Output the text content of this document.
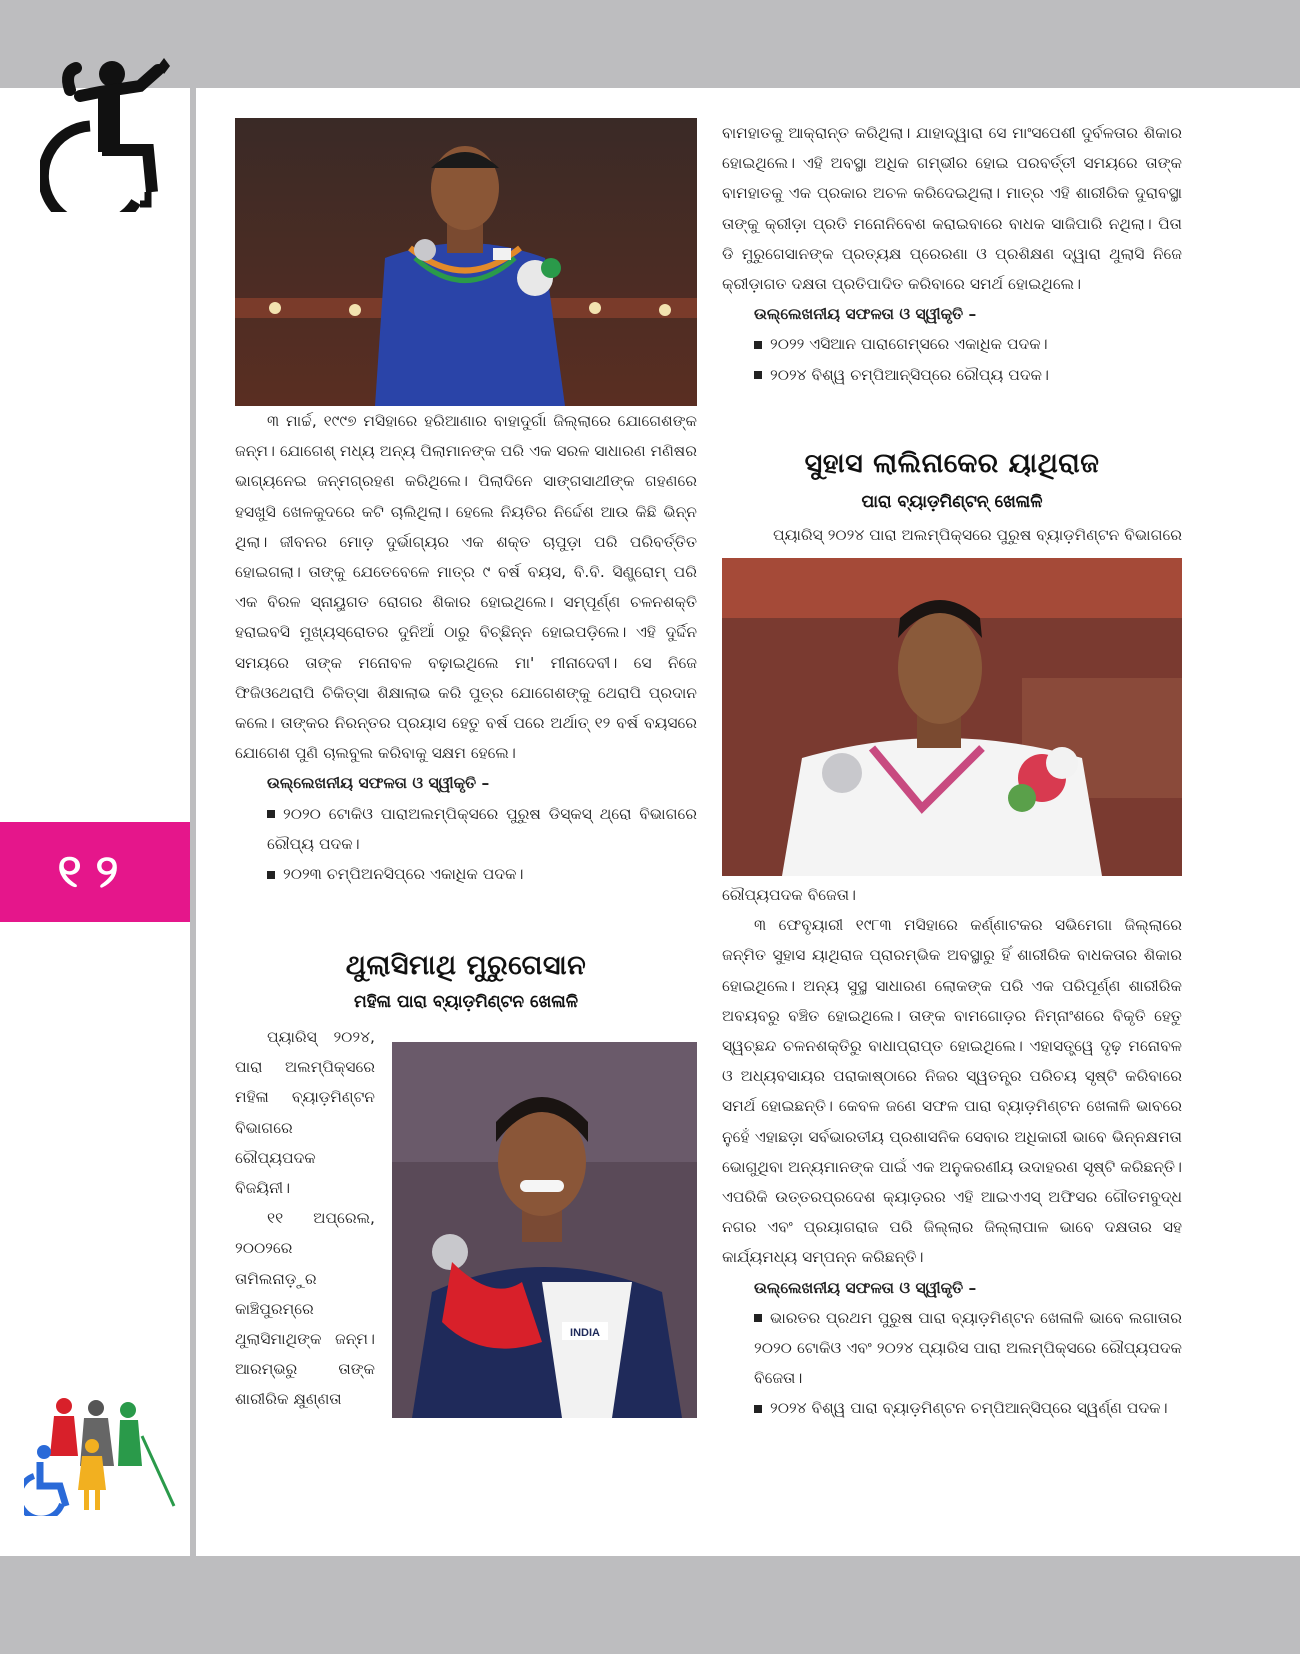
୧୨

୩ ମାର୍ଚ୍ଚ, ୧୯୯୭ ମସିହାରେ ହରିଆଣାର ବାହାଦୁର୍ଗା ଜିଲ୍ଲାରେ ଯୋଗେଶଙ୍କ ଜନ୍ମ। ଯୋଗେଶ୍ ମଧ୍ୟ ଅନ୍ୟ ପିଲାମାନଙ୍କ ପରି ଏକ ସରଳ ସାଧାରଣ ମଣିଷର ଭାଗ୍ୟନେଇ ଜନ୍ମଗ୍ରହଣ କରିଥିଲେ। ପିଲାଦିନେ ସାଙ୍ଗସାଥୀଙ୍କ ଗହଣରେ ହସଖୁସି ଖେଳକୁଦରେ କଟି ଚାଲିଥିଲା। ହେଲେ ନିୟତିର ନିର୍ଦ୍ଦେଶ ଆଉ କିଛି ଭିନ୍ନ ଥିଲା। ଜୀବନର ମୋଡ଼ ଦୁର୍ଭାଗ୍ୟର ଏକ ଶକ୍ତ ଚାପୁଡ଼ା ପରି ପରିବର୍ତ୍ତିତ ହୋଇଗଲା। ତାଙ୍କୁ ଯେତେବେଳେ ମାତ୍ର ୯ ବର୍ଷ ବୟସ, ବି.ବି. ସିଣ୍ଡ୍ରୋମ୍ ପରି ଏକ ବିରଳ ସ୍ନାୟୁଗତ ରୋଗର ଶିକାର ହୋଇଥିଲେ। ସମ୍ପୂର୍ଣ୍ଣ ଚଳନଶକ୍ତି ହରାଇବସି ମୁଖ୍ୟସ୍ରୋତର ଦୁନିଆଁ ଠାରୁ ବିଚ୍ଛିନ୍ନ ହୋଇପଡ଼ିଲେ। ଏହି ଦୁର୍ଦ୍ଦିନ ସମୟରେ ତାଙ୍କ ମନୋବଳ ବଢ଼ାଇଥିଲେ ମା' ମୀନାଦେବୀ। ସେ ନିଜେ ଫିଜିଓଥେରାପି ଚିକିତ୍ସା ଶିକ୍ଷାଲାଭ କରି ପୁତ୍ର ଯୋଗେଶଙ୍କୁ ଥେରାପି ପ୍ରଦାନ କଲେ। ତାଙ୍କର ନିରନ୍ତର ପ୍ରୟାସ ହେତୁ ବର୍ଷ ପରେ ଅର୍ଥାତ୍ ୧୨ ବର୍ଷ ବୟସରେ ଯୋଗେଶ ପୁଣି ଚାଲବୁଲ କରିବାକୁ ସକ୍ଷମ ହେଲେ।

ଉଲ୍ଲେଖନୀୟ ସଫଳତା ଓ ସ୍ୱୀକୃତି –

୨୦୨୦ ଟୋକିଓ ପାରାଅଲମ୍ପିକ୍ସରେ ପୁରୁଷ ଡିସ୍କସ୍ ଥ୍ରୋ ବିଭାଗରେ ରୌପ୍ୟ ପଦକ।

୨୦୨୩ ଚମ୍ପିଅନସିପ୍‌ରେ ଏକାଧିକ ପଦକ।

ଥୁଲାସିମାଥି ମୁରୁଗେସାନ
ମହିଳା ପାରା ବ୍ୟାଡ଼ମିଣ୍ଟନ ଖେଳାଳି

ପ୍ୟାରିସ୍ ୨୦୨୪, ପାରା ଅଲମ୍ପିକ୍ସରେ ମହିଳା ବ୍ୟାଡ଼ମିଣ୍ଟନ ବିଭାଗରେ ରୌପ୍ୟପଦକ ବିଜୟିନୀ।

୧୧ ଅପ୍ରେଲ, ୨୦୦୨ରେ ତାମିଲନାଡ଼ୁର କାଞ୍ଚିପୁରମ୍‌ରେ ଥୁଲାସିମାଥିଙ୍କ ଜନ୍ମ। ଆରମ୍ଭରୁ ତାଙ୍କ ଶାରୀରିକ କ୍ଷୁଣ୍ଣତା

INDIA

ବାମହାତକୁ ଆକ୍ରାନ୍ତ କରିଥିଲା। ଯାହାଦ୍ୱାରା ସେ ମାଂସପେଶୀ ଦୁର୍ବଳତାର ଶିକାର ହୋଇଥିଲେ। ଏହି ଅବସ୍ଥା ଅଧିକ ଗମ୍ଭୀର ହୋଇ ପରବର୍ତ୍ତୀ ସମୟରେ ତାଙ୍କ ବାମହାତକୁ ଏକ ପ୍ରକାର ଅଚଳ କରିଦେଇଥିଲା। ମାତ୍ର ଏହି ଶାରୀରିକ ଦୁରାବସ୍ଥା ତାଙ୍କୁ କ୍ରୀଡ଼ା ପ୍ରତି ମନୋନିବେଶ କରାଇବାରେ ବାଧକ ସାଜିପାରି ନଥିଲା। ପିତା ଡି ମୁରୁଗେସାନଙ୍କ ପ୍ରତ୍ୟକ୍ଷ ପ୍ରେରଣା ଓ ପ୍ରଶିକ୍ଷଣ ଦ୍ୱାରା ଥୁଲାସି ନିଜେ କ୍ରୀଡ଼ାଗତ ଦକ୍ଷତା ପ୍ରତିପାଦିତ କରିବାରେ ସମର୍ଥ ହୋଇଥିଲେ।

ଉଲ୍ଲେଖନୀୟ ସଫଳତା ଓ ସ୍ୱୀକୃତି –

୨୦୨୨ ଏସିଆନ ପାରାଗେମ୍ସରେ ଏକାଧିକ ପଦକ।

୨୦୨୪ ବିଶ୍ୱ ଚମ୍ପିଆନ୍‌ସିପ୍‌ରେ ରୌପ୍ୟ ପଦକ।

ସୁହାସ ଲାଲିନାକେର ୟାଥିରାଜ
ପାରା ବ୍ୟାଡ଼ମିଣ୍ଟନ୍ ଖେଳାଳି
ପ୍ୟାରିସ୍ ୨୦୨୪ ପାରା ଅଲମ୍ପିକ୍ସରେ ପୁରୁଷ ବ୍ୟାଡ଼ମିଣ୍ଟନ ବିଭାଗରେ

ରୌପ୍ୟପଦକ ବିଜେତା।

୩ ଫେବୃୟାରୀ ୧୯୮୩ ମସିହାରେ କର୍ଣ୍ଣାଟକର ସଭିମେଗା ଜିଲ୍ଲାରେ ଜନ୍ମିତ ସୁହାସ ୟାଥିରାଜ ପ୍ରାରମ୍ଭିକ ଅବସ୍ଥାରୁ ହିଁ ଶାରୀରିକ ବାଧକତାର ଶିକାର ହୋଇଥିଲେ। ଅନ୍ୟ ସୁସ୍ଥ ସାଧାରଣ ଲୋକଙ୍କ ପରି ଏକ ପରିପୂର୍ଣ୍ଣ ଶାରୀରିକ ଅବୟବରୁ ବଞ୍ଚିତ ହୋଇଥିଲେ। ତାଙ୍କ ବାମଗୋଡ଼ର ନିମ୍ନାଂଶରେ ବିକୃତି ହେତୁ ସ୍ୱଚ୍ଛନ୍ଦ ଚଳନଶକ୍ତିରୁ ବାଧାପ୍ରାପ୍ତ ହୋଇଥିଲେ। ଏହାସତ୍ତ୍ୱେ ଦୃଢ଼ ମନୋବଳ ଓ ଅଧ୍ୟବସାୟର ପରାକାଷ୍ଠାରେ ନିଜର ସ୍ୱତନ୍ତ୍ର ପରିଚୟ ସୃଷ୍ଟି କରିବାରେ ସମର୍ଥ ହୋଇଛନ୍ତି। କେବଳ ଜଣେ ସଫଳ ପାରା ବ୍ୟାଡ଼ମିଣ୍ଟନ ଖେଳାଳି ଭାବରେ ନୁହେଁ ଏହାଛଡ଼ା ସର୍ବଭାରତୀୟ ପ୍ରଶାସନିକ ସେବାର ଅଧିକାରୀ ଭାବେ ଭିନ୍ନକ୍ଷମତା ଭୋଗୁଥିବା ଅନ୍ୟମାନଙ୍କ ପାଇଁ ଏକ ଅନୁକରଣୀୟ ଉଦାହରଣ ସୃଷ୍ଟି କରିଛନ୍ତି। ଏପରିକି ଉତ୍ତରପ୍ରଦେଶ କ୍ୟାଡ଼ରର ଏହି ଆଇଏଏସ୍ ଅଫିସର ଗୌତମବୁଦ୍ଧ ନଗର ଏବଂ ପ୍ରୟାଗରାଜ ପରି ଜିଲ୍ଲାର ଜିଲ୍ଲାପାଳ ଭାବେ ଦକ୍ଷତାର ସହ କାର୍ଯ୍ୟମଧ୍ୟ ସମ୍ପନ୍ନ କରିଛନ୍ତି।

ଉଲ୍ଲେଖନୀୟ ସଫଳତା ଓ ସ୍ୱୀକୃତି –

ଭାରତର ପ୍ରଥମ ପୁରୁଷ ପାରା ବ୍ୟାଡ଼ମିଣ୍ଟନ ଖେଳାଳି ଭାବେ ଲଗାତାର ୨୦୨୦ ଟୋକିଓ ଏବଂ ୨୦୨୪ ପ୍ୟାରିସ ପାରା ଅଲମ୍ପିକ୍ସରେ ରୌପ୍ୟପଦକ ବିଜେତା।

୨୦୨୪ ବିଶ୍ୱ ପାରା ବ୍ୟାଡ଼ମିଣ୍ଟନ ଚମ୍ପିଆନ୍‌ସିପ୍‌ରେ ସ୍ୱର୍ଣ୍ଣ ପଦକ।
